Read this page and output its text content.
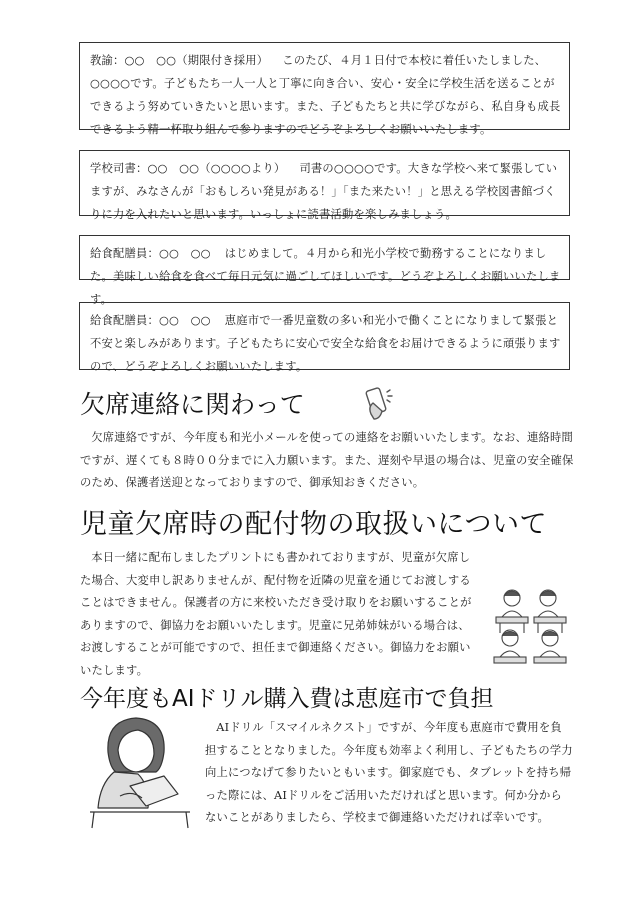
教諭：○○　○○（期限付き採用） このたび、４月１日付で本校に着任いたしました、○○○○です。子どもたち一人一人と丁寧に向き合い、安心・安全に学校生活を送ることができるよう努めていきたいと思います。また、子どもたちと共に学びながら、私自身も成長できるよう精一杯取り組んで参りますのでどうぞよろしくお願いいたします。

学校司書：○○　○○（○○○○より） 司書の○○○○です。大きな学校へ来て緊張していますが、みなさんが「おもしろい発見がある！」「また来たい！」と思える学校図書館づくりに力を入れたいと思います。いっしょに読書活動を楽しみましょう。

給食配膳員：○○　○○ はじめまして。４月から和光小学校で勤務することになりました。美味しい給食を食べて毎日元気に過ごしてほしいです。どうぞよろしくお願いいたします。

給食配膳員：○○　○○ 恵庭市で一番児童数の多い和光小で働くことになりまして緊張と不安と楽しみがあります。子どもたちに安心で安全な給食をお届けできるように頑張りますので、どうぞよろしくお願いいたします。

欠席連絡に関わって

欠席連絡ですが、今年度も和光小メールを使っての連絡をお願いいたします。なお、連絡時間ですが、遅くても８時００分までに入力願います。また、遅刻や早退の場合は、児童の安全確保のため、保護者送迎となっておりますので、御承知おきください。

児童欠席時の配付物の取扱いについて

本日一緒に配布しましたプリントにも書かれておりますが、児童が欠席した場合、大変申し訳ありませんが、配付物を近隣の児童を通じてお渡しすることはできません。保護者の方に来校いただき受け取りをお願いすることがありますので、御協力をお願いいたします。児童に兄弟姉妹がいる場合は、お渡しすることが可能ですので、担任まで御連絡ください。御協力をお願いいたします。

今年度もAIドリル購入費は恵庭市で負担

AIドリル「スマイルネクスト」ですが、今年度も恵庭市で費用を負担することとなりました。今年度も効率よく利用し、子どもたちの学力向上につなげて参りたいともいます。御家庭でも、タブレットを持ち帰った際には、AIドリルをご活用いただければと思います。何か分からないことがありましたら、学校まで御連絡いただければ幸いです。
